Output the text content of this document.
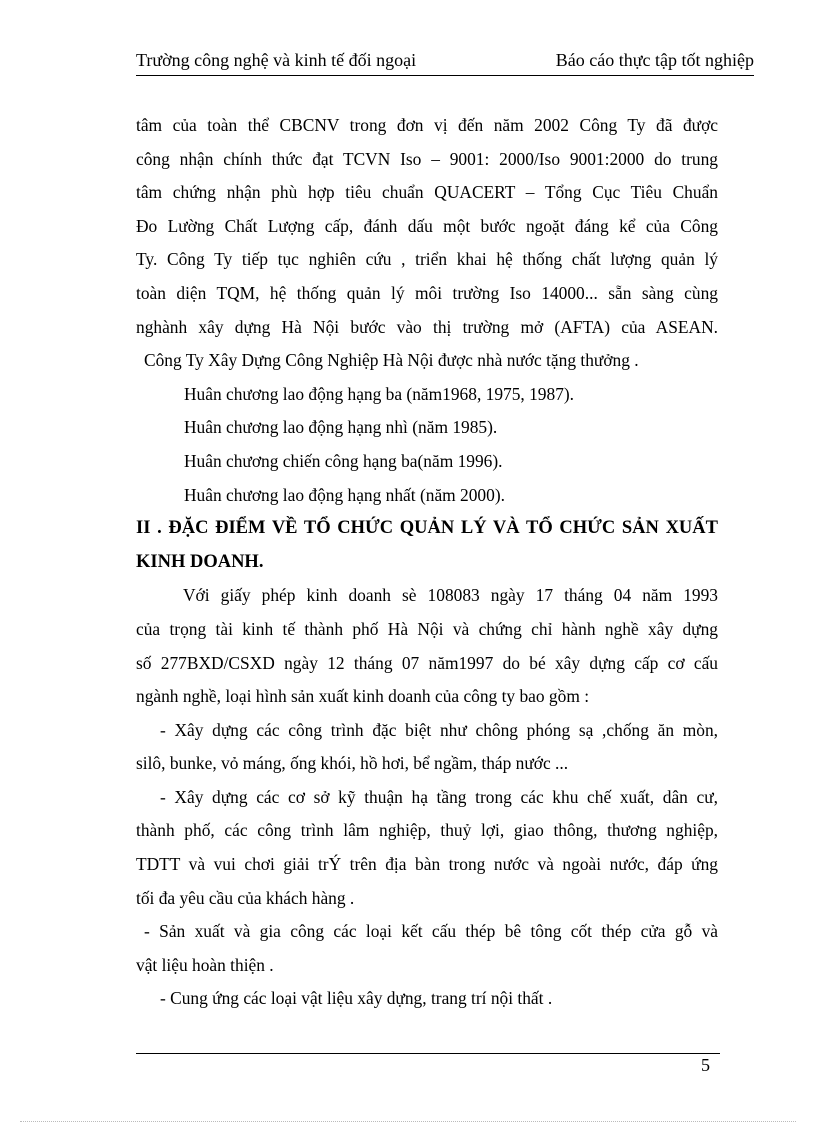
Trường công nghệ và kinh tế đối ngoại	Báo cáo thực tập tốt nghiệp

tâm của toàn thể CBCNV trong đơn vị đến năm 2002 Công Ty đã được

công nhận chính thức đạt TCVN Iso – 9001: 2000/Iso 9001:2000 do trung

tâm chứng nhận phù hợp tiêu chuẩn QUACERT – Tổng Cục Tiêu Chuẩn

Đo Lường Chất Lượng cấp, đánh dấu một bước ngoặt đáng kể của Công

Ty. Công Ty tiếp tục nghiên cứu , triển khai hệ thống chất lượng quản lý

toàn diện TQM, hệ thống quản lý môi trường Iso 14000... sẵn sàng cùng

nghành xây dựng Hà Nội bước vào thị trường mở (AFTA) của ASEAN.

Công Ty Xây Dựng Công Nghiệp Hà Nội được nhà nước tặng thưởng .

Huân chương lao động hạng ba (năm1968, 1975, 1987).

Huân chương lao động hạng nhì (năm 1985).

Huân chương chiến công hạng ba(năm 1996).

Huân chương lao động hạng nhất (năm 2000).

II . ĐẶC ĐIỂM VỀ TỔ CHỨC QUẢN LÝ VÀ TỔ CHỨC SẢN XUẤT

KINH DOANH.

Với giấy phép kinh doanh sè 108083 ngày 17 tháng 04 năm 1993

của trọng tài kinh tế thành phố Hà Nội và chứng chỉ hành nghề xây dựng

số 277BXD/CSXD ngày 12 tháng 07 năm1997 do bé xây dựng cấp cơ cấu

ngành nghề, loại hình sản xuất kinh doanh của công ty bao gồm :

- Xây dựng các công trình đặc biệt như chông phóng sạ ,chống ăn mòn,

silô, bunke, vỏ máng, ống khói, hồ hơi, bể ngầm, tháp nước ...

- Xây dựng các cơ sở kỹ thuận hạ tầng trong các khu chế xuất, dân cư,

thành phố, các công trình lâm nghiệp, thuỷ lợi, giao thông, thương nghiệp,

TDTT và vui chơi giải trÝ trên địa bàn trong nước và ngoài nước, đáp ứng

tối đa yêu cầu của khách hàng .

- Sản xuất và gia công các loại kết cấu thép bê tông cốt thép cửa gỗ và

vật liệu hoàn thiện .

- Cung ứng các loại vật liệu xây dựng, trang trí nội thất .

5
